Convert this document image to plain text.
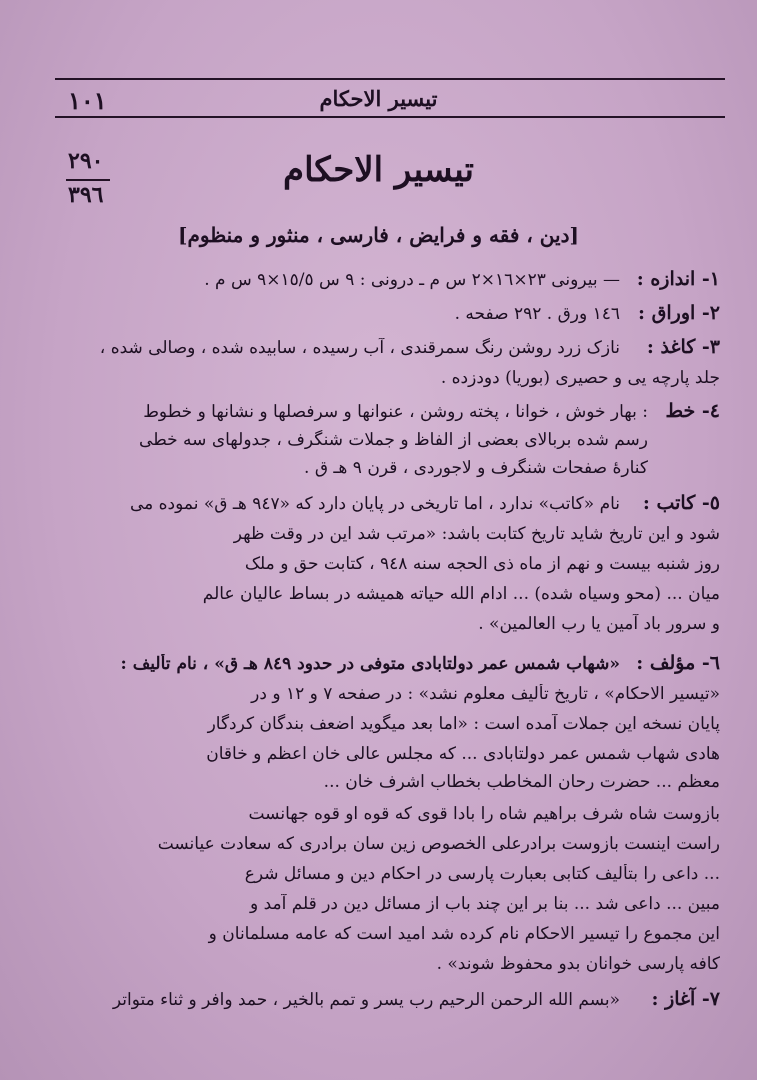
تیسیر الاحکام
١٠١
٢٩٠
٣٩٦
تیسیر الاحکام
[دین ، فقه و فرایض ، فارسی ، منثور و منظوم]
١- اندازه :
— بیرونی ٢٣×١٦×٢ س م ـ درونی : ٩ س ١٥/٥×٩ س م .
٢- اوراق :
١٤٦ ورق . ٢٩٢ صفحه .
٣- کاغذ :
نازک زرد روشن رنگ سمرقندی ، آب رسیده ، سابیده شده ، وصالی شده ،
جلد پارچه یی و حصیری (بوریا) دودزده .
٤- خط
: بهار خوش ، خوانا ، پخته روشن ، عنوانها و سرفصلها و نشانها و خطوط
رسم شده بربالای بعضی از الفاظ و جملات شنگرف ، جدولهای سه خطی
کنارهٔ صفحات شنگرف و لاجوردی ، قرن ٩ هـ ق .
٥- کاتب :
نام «کاتب» ندارد ، اما تاریخی در پایان دارد که «٩٤٧ هـ ق» نموده می
شود و این تاریخ شاید تاریخ کتابت باشد: «مرتب شد این در وقت ظهر
روز شنبه بیست و نهم از ماه ذی الحجه سنه ٩٤٨ ، کتابت حق و ملک
میان ... (محو وسیاه شده) ... ادام الله حیاته همیشه در بساط عالیان عالم
و سرور باد آمین یا رب العالمین» .
٦- مؤلف :
«شهاب شمس عمر دولتابادی متوفی در حدود ٨٤٩ هـ ق» ، نام تألیف :
«تیسیر الاحکام» ، تاریخ تألیف معلوم نشد» : در صفحه ٧ و ١٢ و در
پایان نسخه این جملات آمده است : «اما بعد میگوید اضعف بندگان کردگار
هادی شهاب شمس عمر دولتابادی ... که مجلس عالی خان اعظم و خاقان
معظم ... حضرت رحان المخاطب بخطاب اشرف خان ...
بازوست شاه شرف براهیم شاه را بادا قوی که قوه او قوه جهانست
راست اینست بازوست برادرعلی الخصوص زین سان برادری که سعادت عیانست
... داعی را بتألیف کتابی بعبارت پارسی در احکام دین و مسائل شرع
مبین ... داعی شد ... بنا بر این چند باب از مسائل دین در قلم آمد و
این مجموع را تیسیر الاحکام نام کرده شد امید است که عامه مسلمانان و
کافه پارسی خوانان بدو محفوظ شوند» .
٧- آغاز :
«بسم الله الرحمن الرحیم رب یسر و تمم بالخیر ، حمد وافر و ثناء متواتر
